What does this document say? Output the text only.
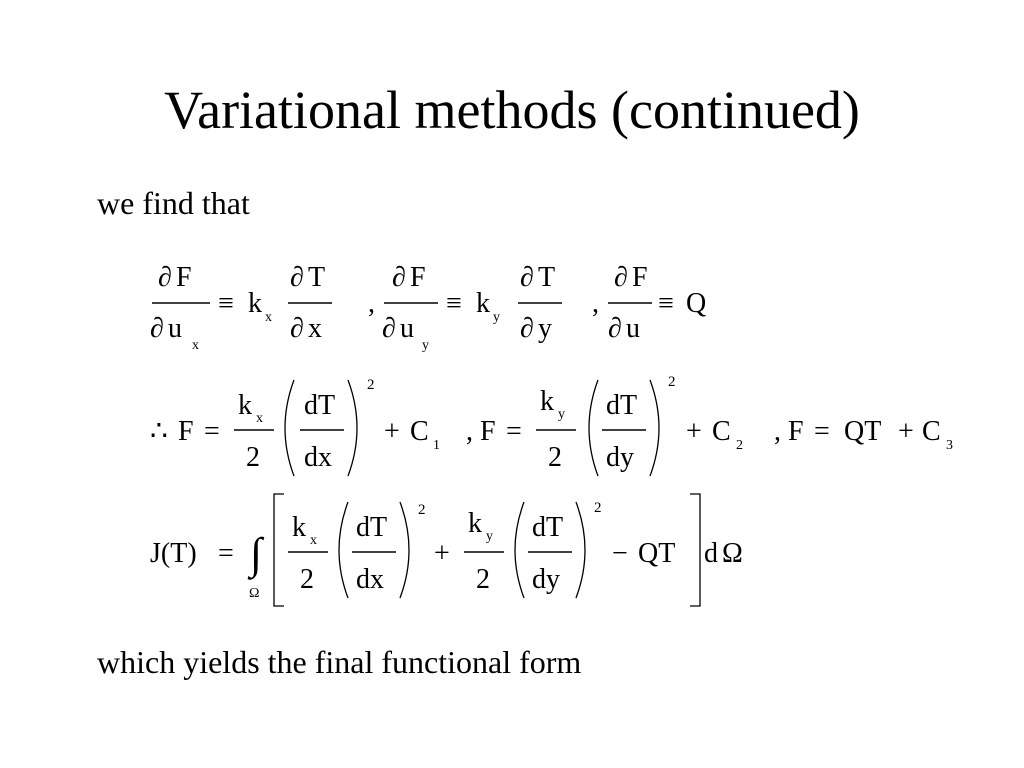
Variational methods (continued)
we find that
which yields the final functional form
∂ F
∂ u
x
≡ k x
∂ T
∂ x
,
∂ F
∂ u
y
≡ k y
∂ T
∂ y
,
∂ F
∂ u
≡ Q
∴ F =
k x
2
dT
dx
2
+ C 1 , F =
k y
2
dT
dy
2
+ C 2 , F = QT + C 3
J(T) = ∫
Ω
k x
2
dT
dx
2
+
k y
2
dT
dy
2
− QT d Ω
